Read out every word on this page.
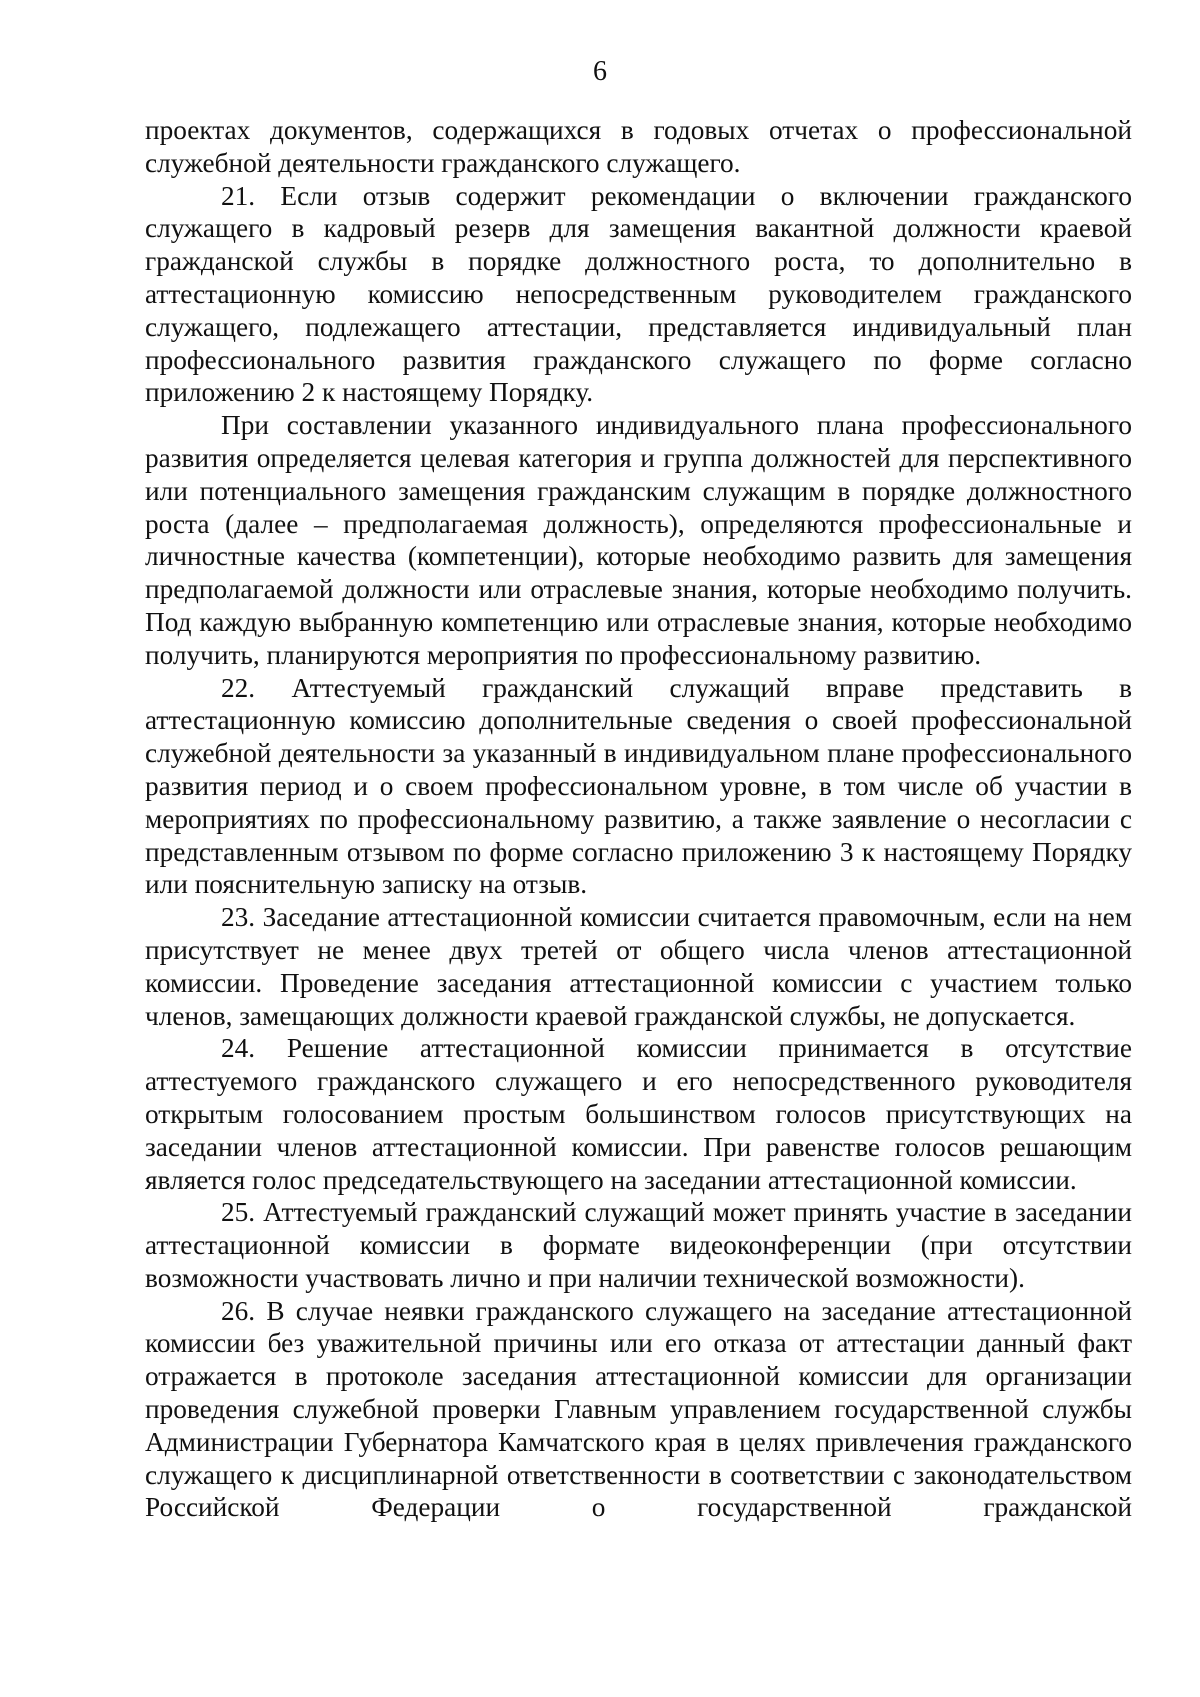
6

проектах документов, содержащихся в годовых отчетах о профессиональной служебной деятельности гражданского служащего.

21. Если отзыв содержит рекомендации о включении гражданского служащего в кадровый резерв для замещения вакантной должности краевой гражданской службы в порядке должностного роста, то дополнительно в аттестационную комиссию непосредственным руководителем гражданского служащего, подлежащего аттестации, представляется индивидуальный план профессионального развития гражданского служащего по форме согласно приложению 2 к настоящему Порядку.

При составлении указанного индивидуального плана профессионального развития определяется целевая категория и группа должностей для перспективного или потенциального замещения гражданским служащим в порядке должностного роста (далее – предполагаемая должность), определяются профессиональные и личностные качества (компетенции), которые необходимо развить для замещения предполагаемой должности или отраслевые знания, которые необходимо получить. Под каждую выбранную компетенцию или отраслевые знания, которые необходимо получить, планируются мероприятия по профессиональному развитию.

22. Аттестуемый гражданский служащий вправе представить в аттестационную комиссию дополнительные сведения о своей профессиональной служебной деятельности за указанный в индивидуальном плане профессионального развития период и о своем профессиональном уровне, в том числе об участии в мероприятиях по профессиональному развитию, а также заявление о несогласии с представленным отзывом по форме согласно приложению 3 к настоящему Порядку или пояснительную записку на отзыв.

23. Заседание аттестационной комиссии считается правомочным, если на нем присутствует не менее двух третей от общего числа членов аттестационной комиссии. Проведение заседания аттестационной комиссии с участием только членов, замещающих должности краевой гражданской службы, не допускается.

24. Решение аттестационной комиссии принимается в отсутствие аттестуемого гражданского служащего и его непосредственного руководителя открытым голосованием простым большинством голосов присутствующих на заседании членов аттестационной комиссии. При равенстве голосов решающим является голос председательствующего на заседании аттестационной комиссии.

25. Аттестуемый гражданский служащий может принять участие в заседании аттестационной комиссии в формате видеоконференции (при отсутствии возможности участвовать лично и при наличии технической возможности).

26. В случае неявки гражданского служащего на заседание аттестационной комиссии без уважительной причины или его отказа от аттестации данный факт отражается в протоколе заседания аттестационной комиссии для организации проведения служебной проверки Главным управлением государственной службы Администрации Губернатора Камчатского края в целях привлечения гражданского служащего к дисциплинарной ответственности в соответствии с законодательством Российской Федерации о государственной гражданской
